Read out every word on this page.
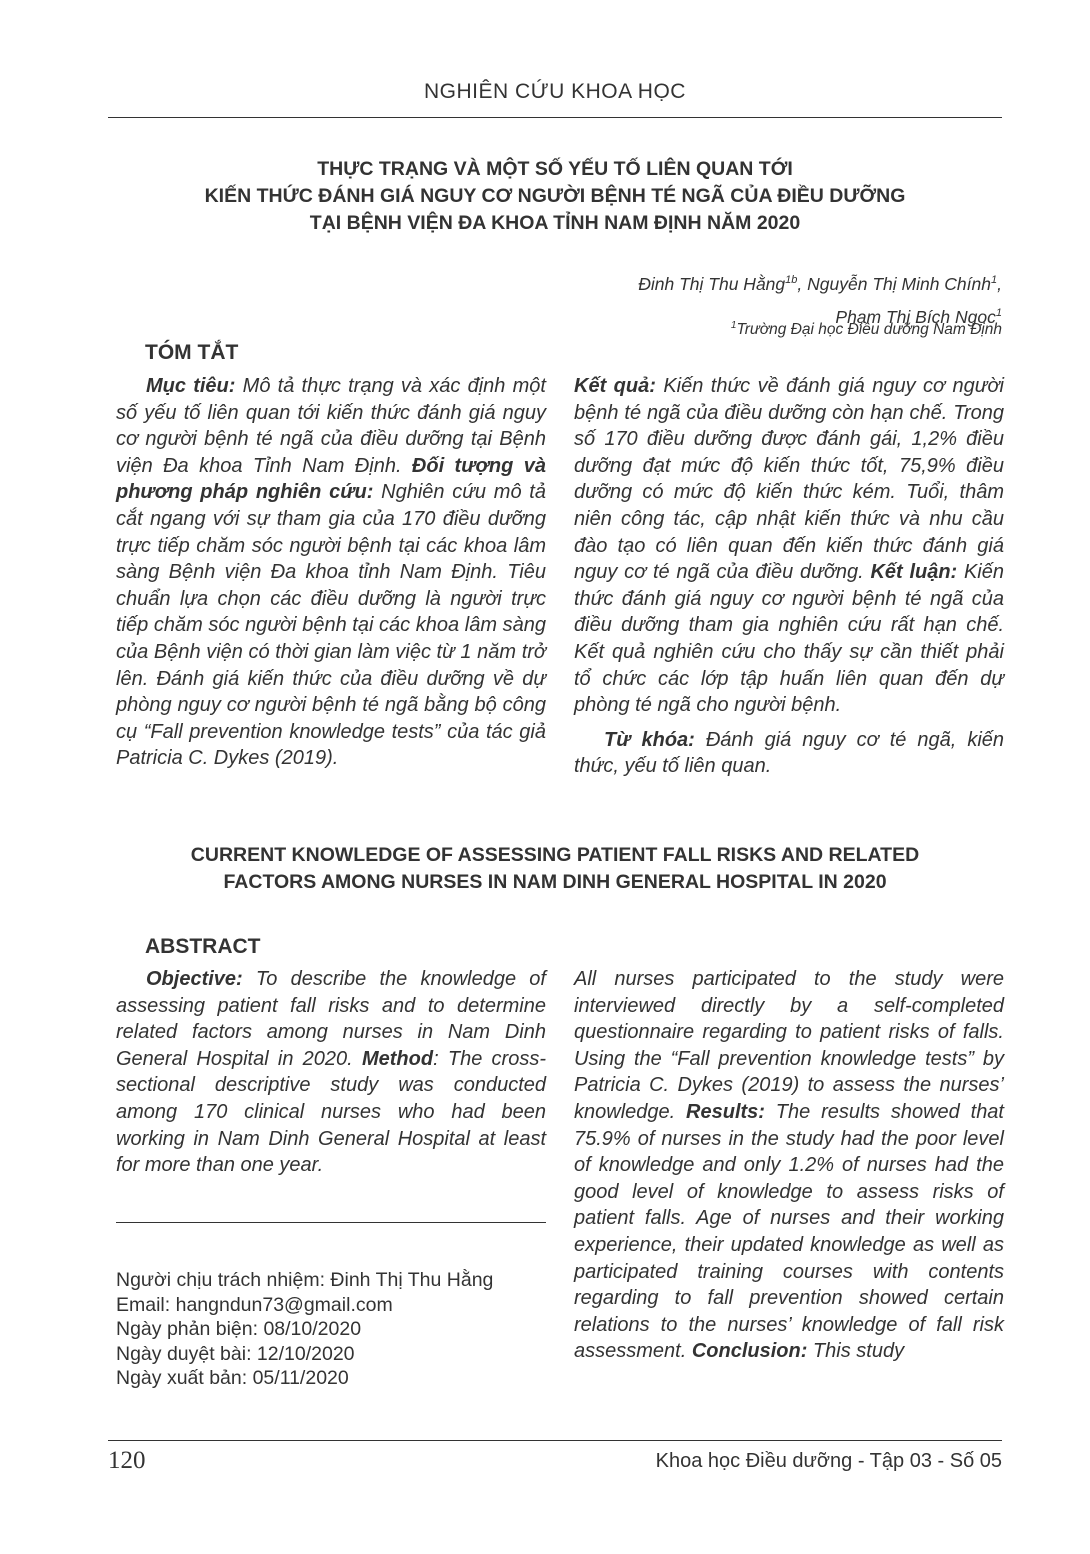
NGHIÊN CỨU KHOA HỌC
THỰC TRẠNG VÀ MỘT SỐ YẾU TỐ LIÊN QUAN TỚI
KIẾN THỨC ĐÁNH GIÁ NGUY CƠ NGƯỜI BỆNH TÉ NGÃ CỦA ĐIỀU DƯỠNG
TẠI BỆNH VIỆN ĐA KHOA TỈNH NAM ĐỊNH NĂM 2020
Đinh Thị Thu Hằng$^{1b}$, Nguyễn Thị Minh Chính$^1$,
Phạm Thị Bích Ngọc$^1$
$^1$Trường Đại học Điều dưỡng Nam Định
TÓM TẮT

Mục tiêu: Mô tả thực trạng và xác định một số yếu tố liên quan tới kiến thức đánh giá nguy cơ người bệnh té ngã của điều dưỡng tại Bệnh viện Đa khoa Tỉnh Nam Định. Đối tượng và phương pháp nghiên cứu: Nghiên cứu mô tả cắt ngang với sự tham gia của 170 điều dưỡng trực tiếp chăm sóc người bệnh tại các khoa lâm sàng Bệnh viện Đa khoa tỉnh Nam Định. Tiêu chuẩn lựa chọn các điều dưỡng là người trực tiếp chăm sóc người bệnh tại các khoa lâm sàng của Bệnh viện có thời gian làm việc từ 1 năm trở lên. Đánh giá kiến thức của điều dưỡng về dự phòng nguy cơ người bệnh té ngã bằng bộ công cụ “Fall prevention knowledge tests” của tác giả Patricia C. Dykes (2019).

Kết quả: Kiến thức về đánh giá nguy cơ người bệnh té ngã của điều dưỡng còn hạn chế. Trong số 170 điều dưỡng được đánh gái, 1,2% điều dưỡng đạt mức độ kiến thức tốt, 75,9% điều dưỡng có mức độ kiến thức kém. Tuổi, thâm niên công tác, cập nhật kiến thức và nhu cầu đào tạo có liên quan đến kiến thức đánh giá nguy cơ té ngã của điều dưỡng. Kết luận: Kiến thức đánh giá nguy cơ người bệnh té ngã của điều dưỡng tham gia nghiên cứu rất hạn chế. Kết quả nghiên cứu cho thấy sự cần thiết phải tổ chức các lớp tập huấn liên quan đến dự phòng té ngã cho người bệnh.

Từ khóa: Đánh giá nguy cơ té ngã, kiến thức, yếu tố liên quan.

CURRENT KNOWLEDGE OF ASSESSING PATIENT FALL RISKS AND RELATED
FACTORS AMONG NURSES IN NAM DINH GENERAL HOSPITAL IN 2020
ABSTRACT

Objective: To describe the knowledge of assessing patient fall risks and to determine related factors among nurses in Nam Dinh General Hospital in 2020. Method: The cross-sectional descriptive study was conducted among 170 clinical nurses who had been working in Nam Dinh General Hospital at least for more than one year.

All nurses participated to the study were interviewed directly by a self-completed questionnaire regarding to patient risks of falls. Using the “Fall prevention knowledge tests” by Patricia C. Dykes (2019) to assess the nurses’ knowledge. Results: The results showed that 75.9% of nurses in the study had the poor level of knowledge and only 1.2% of nurses had the good level of knowledge to assess risks of patient falls. Age of nurses and their working experience, their updated knowledge as well as participated training courses with contents regarding to fall prevention showed certain relations to the nurses’ knowledge of fall risk assessment. Conclusion: This study

Người chịu trách nhiệm: Đinh Thị Thu Hằng
Email: hangndun73@gmail.com
Ngày phản biện: 08/10/2020
Ngày duyệt bài: 12/10/2020
Ngày xuất bản: 05/11/2020
120	Khoa học Điều dưỡng - Tập 03 - Số 05
